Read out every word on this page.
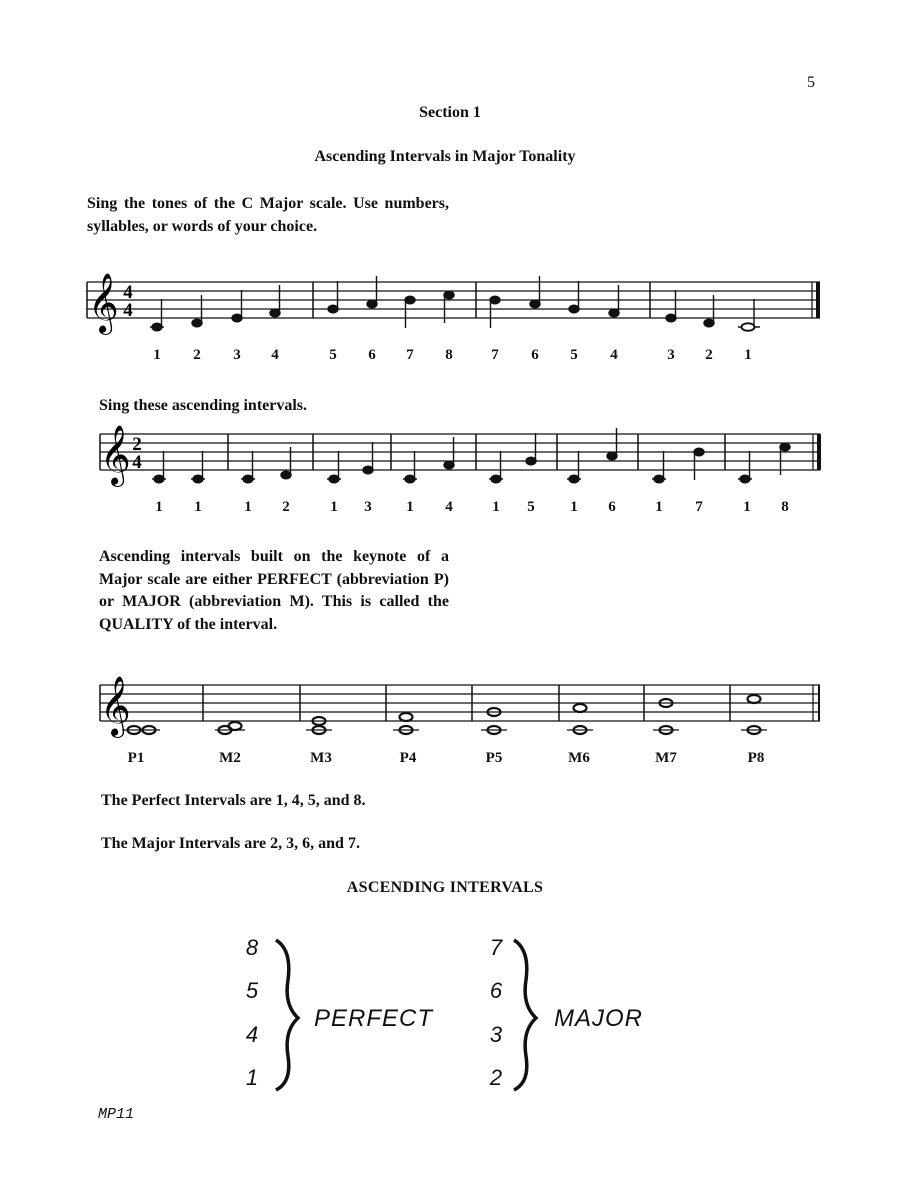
5
Section 1
Ascending Intervals in Major Tonality
Sing the tones of the C Major scale. Use numbers, syllables, or words of your choice.
𝄞 4
4
1 2 3 4	5 6 7 8	7 6 5 4	3 2 1
Sing these ascending intervals.
𝄞 2
4
1 1	1 2	1 3 1 4	1 5 1 6	1 7	1 8
Ascending intervals built on the keynote of a Major scale are either PERFECT (abbreviation P) or MAJOR (abbreviation M). This is called the QUALITY of the interval.
𝄞
P1	M2	M3	P4	P5	M6	M7	P8
The Perfect Intervals are 1, 4, 5, and 8.
The Major Intervals are 2, 3, 6, and 7.
ASCENDING INTERVALS
8
5
4
1
PERFECT
7
6
3
2
MAJOR
MP11
